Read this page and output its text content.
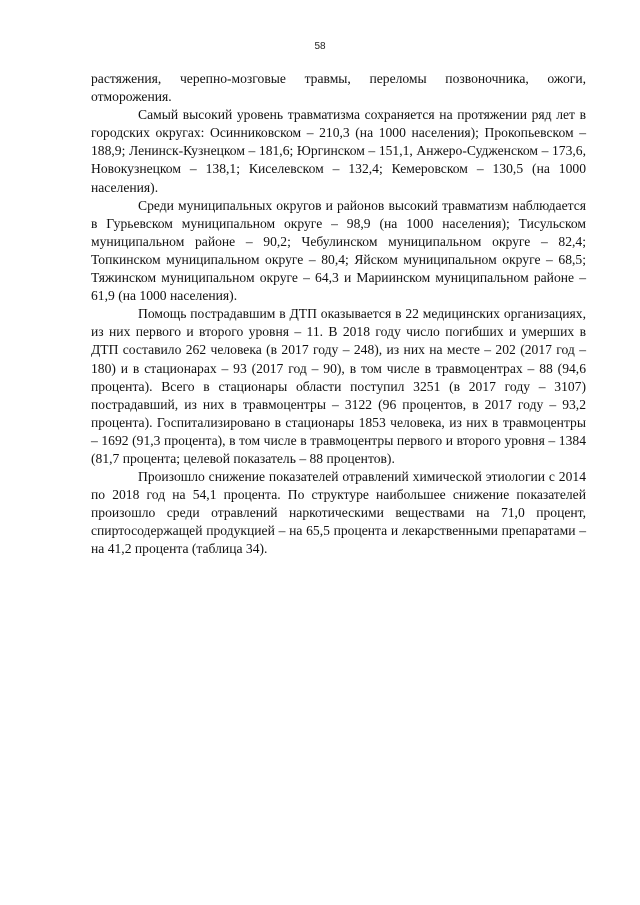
58

растяжения, черепно-мозговые травмы, переломы позвоночника, ожоги, отморожения.

Самый высокий уровень травматизма сохраняется на протяжении ряд лет в городских округах: Осинниковском – 210,3 (на 1000 населения); Прокопьевском – 188,9; Ленинск-Кузнецком – 181,6; Юргинском – 151,1, Анжеро-Судженском – 173,6, Новокузнецком – 138,1; Киселевском – 132,4; Кемеровском – 130,5 (на 1000 населения).

Среди муниципальных округов и районов высокий травматизм наблюдается в Гурьевском муниципальном округе – 98,9 (на 1000 населения); Тисульском муниципальном районе – 90,2; Чебулинском муниципальном округе – 82,4; Топкинском муниципальном округе – 80,4; Яйском муниципальном округе – 68,5; Тяжинском муниципальном округе – 64,3 и Мариинском муниципальном районе – 61,9 (на 1000 населения).

Помощь пострадавшим в ДТП оказывается в 22 медицинских организациях, из них первого и второго уровня – 11. В 2018 году число погибших и умерших в ДТП составило 262 человека (в 2017 году – 248), из них на месте – 202 (2017 год – 180) и в стационарах – 93 (2017 год – 90), в том числе в травмоцентрах – 88 (94,6 процента). Всего в стационары области поступил 3251 (в 2017 году – 3107) пострадавший, из них в травмоцентры – 3122 (96 процентов, в 2017 году – 93,2 процента). Госпитализировано в стационары 1853 человека, из них в травмоцентры – 1692 (91,3 процента), в том числе в травмоцентры первого и второго уровня – 1384 (81,7 процента; целевой показатель – 88 процентов).

Произошло снижение показателей отравлений химической этиологии с 2014 по 2018 год на 54,1 процента. По структуре наибольшее снижение показателей произошло среди отравлений наркотическими веществами на 71,0 процент, спиртосодержащей продукцией – на 65,5 процента и лекарственными препаратами – на 41,2 процента (таблица 34).
